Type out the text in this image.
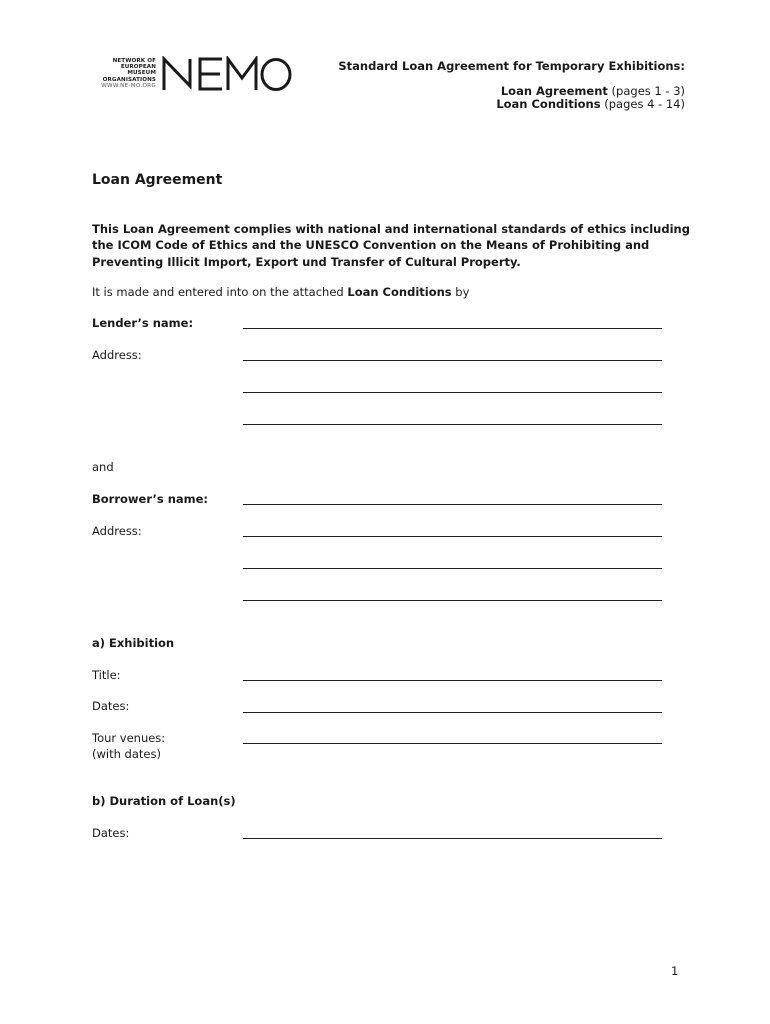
NETWORK OF
EUROPEAN
MUSEUM
ORGANISATIONS
WWW.NE-MO.ORG
Standard Loan Agreement for Temporary Exhibitions:
Loan Agreement (pages 1 - 3)
Loan Conditions (pages 4 - 14)
Loan Agreement
This Loan Agreement complies with national and international standards of ethics including the ICOM Code of Ethics and the UNESCO Convention on the Means of Prohibiting and Preventing Illicit Import, Export und Transfer of Cultural Property.
It is made and entered into on the attached Loan Conditions by
Lender’s name:
Address:
and
Borrower’s name:
Address:
a) Exhibition
Title:
Dates:
Tour venues:
(with dates)
b) Duration of Loan(s)
Dates:
1
